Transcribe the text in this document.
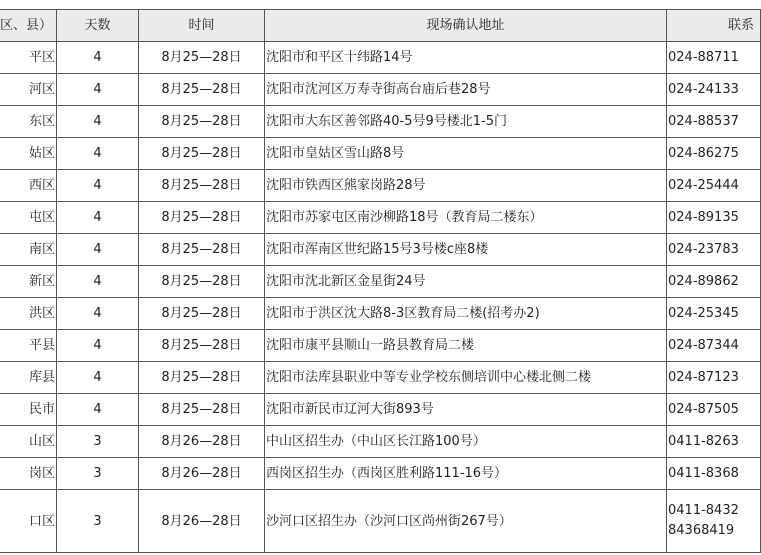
区、县）	天数	时间	现场确认地址	联系
平区	4	8月25—28日	沈阳市和平区十纬路14号	024-88711
河区	4	8月25—28日	沈阳市沈河区万寿寺街高台庙后巷28号	024-24133
东区	4	8月25—28日	沈阳市大东区善邻路40-5号9号楼北1-5门	024-88537
姑区	4	8月25—28日	沈阳市皇姑区雪山路8号	024-86275
西区	4	8月25—28日	沈阳市铁西区熊家岗路28号	024-25444
屯区	4	8月25—28日	沈阳市苏家屯区南沙柳路18号（教育局二楼东）	024-89135
南区	4	8月25—28日	沈阳市浑南区世纪路15号3号楼c座8楼	024-23783
新区	4	8月25—28日	沈阳市沈北新区金星街24号	024-89862
洪区	4	8月25—28日	沈阳市于洪区沈大路8-3区教育局二楼(招考办2)	024-25345
平县	4	8月25—28日	沈阳市康平县顺山一路县教育局二楼	024-87344
库县	4	8月25—28日	沈阳市法库县职业中等专业学校东侧培训中心楼北侧二楼	024-87123
民市	4	8月25—28日	沈阳市新民市辽河大街893号	024-87505
山区	3	8月26—28日	中山区招生办（中山区长江路100号）	0411-8263
岗区	3	8月26—28日	西岗区招生办（西岗区胜利路111-16号）	0411-8368
口区	3	8月26—28日	沙河口区招生办（沙河口区尚州街267号）	0411-8432
84368419
